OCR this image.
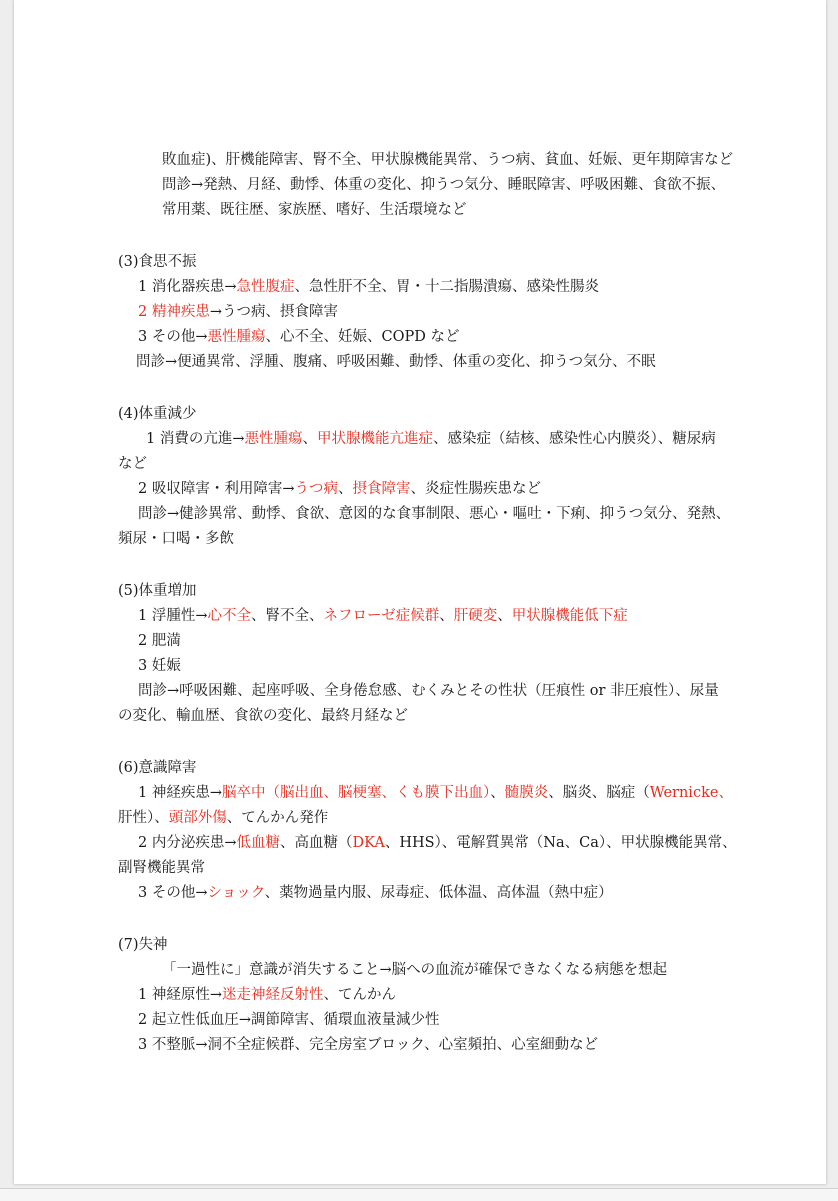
敗血症)、肝機能障害、腎不全、甲状腺機能異常、うつ病、貧血、妊娠、更年期障害など
問診→発熱、月経、動悸、体重の変化、抑うつ気分、睡眠障害、呼吸困難、食欲不振、
常用薬、既往歴、家族歴、嗜好、生活環境など
(3)食思不振
1 消化器疾患→急性腹症、急性肝不全、胃・十二指腸潰瘍、感染性腸炎
2 精神疾患→うつ病、摂食障害
3 その他→悪性腫瘍、心不全、妊娠、COPD など
問診→便通異常、浮腫、腹痛、呼吸困難、動悸、体重の変化、抑うつ気分、不眠
(4)体重減少
1 消費の亢進→悪性腫瘍、甲状腺機能亢進症、感染症（結核、感染性心内膜炎）、糖尿病
など
2 吸収障害・利用障害→うつ病、摂食障害、炎症性腸疾患など
問診→健診異常、動悸、食欲、意図的な食事制限、悪心・嘔吐・下痢、抑うつ気分、発熱、
頻尿・口喝・多飲
(5)体重増加
1 浮腫性→心不全、腎不全、ネフローゼ症候群、肝硬変、甲状腺機能低下症
2 肥満
3 妊娠
問診→呼吸困難、起座呼吸、全身倦怠感、むくみとその性状（圧痕性 or 非圧痕性）、尿量
の変化、輸血歴、食欲の変化、最終月経など
(6)意識障害
1 神経疾患→脳卒中（脳出血、脳梗塞、くも膜下出血）、髄膜炎、脳炎、脳症（Wernicke、
肝性）、頭部外傷、てんかん発作
2 内分泌疾患→低血糖、高血糖（DKA、HHS）、電解質異常（Na、Ca）、甲状腺機能異常、
副腎機能異常
3 その他→ショック、薬物過量内服、尿毒症、低体温、高体温（熱中症）
(7)失神
「一過性に」意識が消失すること→脳への血流が確保できなくなる病態を想起
1 神経原性→迷走神経反射性、てんかん
2 起立性低血圧→調節障害、循環血液量減少性
3 不整脈→洞不全症候群、完全房室ブロック、心室頻拍、心室細動など
